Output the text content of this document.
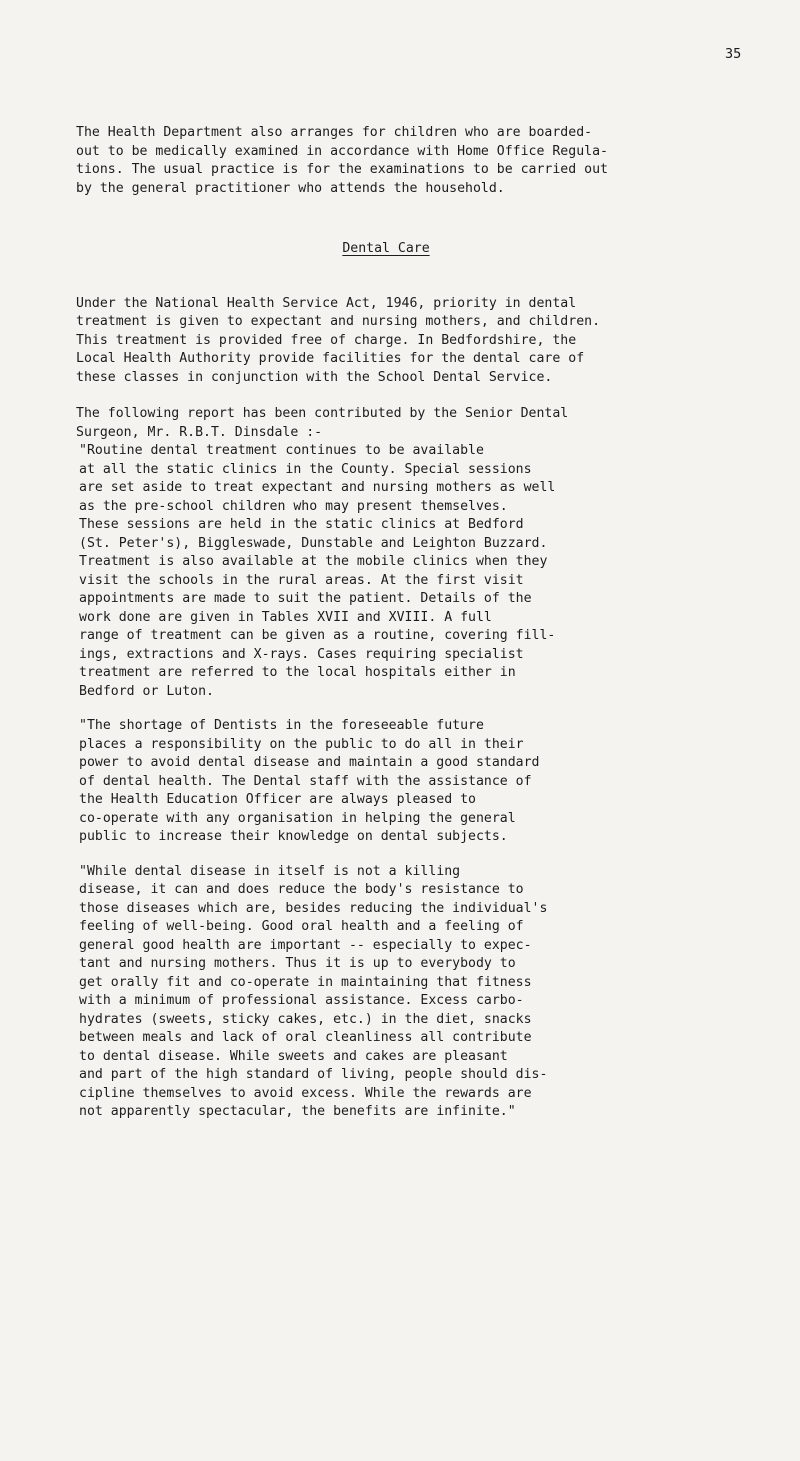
35

The Health Department also arranges for children who are boarded-
out to be medically examined in accordance with Home Office Regula-
tions. The usual practice is for the examinations to be carried out
by the general practitioner who attends the household.

Dental Care

Under the National Health Service Act, 1946, priority in dental
treatment is given to expectant and nursing mothers, and children.
This treatment is provided free of charge. In Bedfordshire, the
Local Health Authority provide facilities for the dental care of
these classes in conjunction with the School Dental Service.

The following report has been contributed by the Senior Dental
Surgeon, Mr. R.B.T. Dinsdale :-

"Routine dental treatment continues to be available
at all the static clinics in the County. Special sessions
are set aside to treat expectant and nursing mothers as well
as the pre-school children who may present themselves.
These sessions are held in the static clinics at Bedford
(St. Peter's), Biggleswade, Dunstable and Leighton Buzzard.
Treatment is also available at the mobile clinics when they
visit the schools in the rural areas. At the first visit
appointments are made to suit the patient. Details of the
work done are given in Tables XVII and XVIII. A full
range of treatment can be given as a routine, covering fill-
ings, extractions and X-rays. Cases requiring specialist
treatment are referred to the local hospitals either in
Bedford or Luton.

"The shortage of Dentists in the foreseeable future
places a responsibility on the public to do all in their
power to avoid dental disease and maintain a good standard
of dental health. The Dental staff with the assistance of
the Health Education Officer are always pleased to
co-operate with any organisation in helping the general
public to increase their knowledge on dental subjects.

"While dental disease in itself is not a killing
disease, it can and does reduce the body's resistance to
those diseases which are, besides reducing the individual's
feeling of well-being. Good oral health and a feeling of
general good health are important -- especially to expec-
tant and nursing mothers. Thus it is up to everybody to
get orally fit and co-operate in maintaining that fitness
with a minimum of professional assistance. Excess carbo-
hydrates (sweets, sticky cakes, etc.) in the diet, snacks
between meals and lack of oral cleanliness all contribute
to dental disease. While sweets and cakes are pleasant
and part of the high standard of living, people should dis-
cipline themselves to avoid excess. While the rewards are
not apparently spectacular, the benefits are infinite."
